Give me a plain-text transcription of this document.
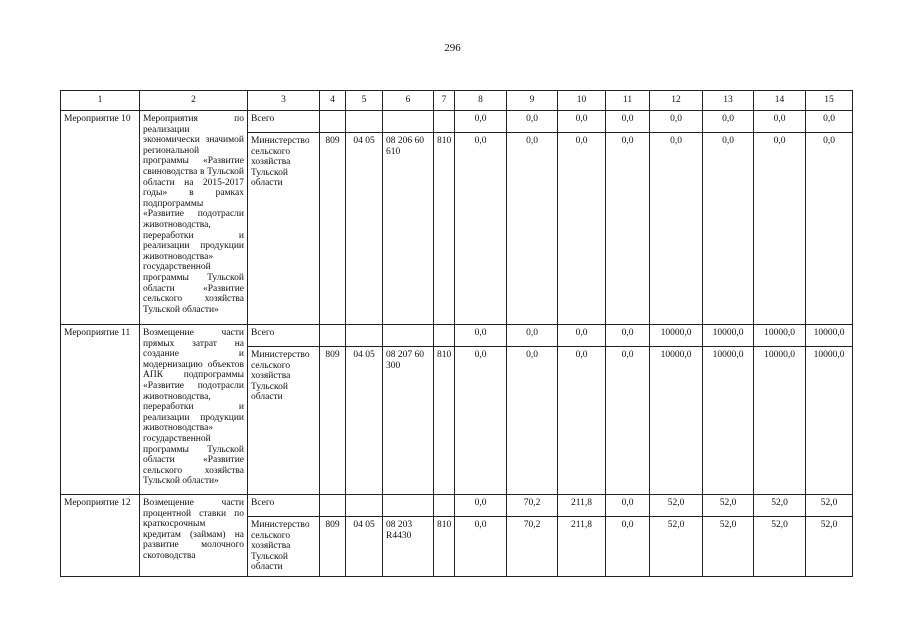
296
1	2	3	4	5	6	7	8	9	10	11	12	13	14	15
Мероприятие 10	Мероприятия по реализации экономически значимой региональной программы «Развитие свиноводства в Тульской области на 2015-2017 годы» в рамках подпрограммы «Развитие подотрасли животноводства, переработки и реализации продукции животноводства» государственной программы Тульской области «Развитие сельского хозяйства Тульской области»	Всего					0,0	0,0	0,0	0,0	0,0	0,0	0,0	0,0
		Министерство сельского хозяйства Тульской области	809	04 05	08 206 60 610	810	0,0	0,0	0,0	0,0	0,0	0,0	0,0	0,0
Мероприятие 11	Возмещение части прямых затрат на создание и модернизацию объектов АПК подпрограммы «Развитие подотрасли животноводства, переработки и реализации продукции животноводства» государственной программы Тульской области «Развитие сельского хозяйства Тульской области»	Всего					0,0	0,0	0,0	0,0	10000,0	10000,0	10000,0	10000,0
		Министерство сельского хозяйства Тульской области	809	04 05	08 207 60 300	810	0,0	0,0	0,0	0,0	10000,0	10000,0	10000,0	10000,0
Мероприятие 12	Возмещение части процентной ставки по краткосрочным кредитам (займам) на развитие молочного скотоводства	Всего					0,0	70,2	211,8	0,0	52,0	52,0	52,0	52,0
		Министерство сельского хозяйства Тульской области	809	04 05	08 203 R4430	810	0,0	70,2	211,8	0,0	52,0	52,0	52,0	52,0
